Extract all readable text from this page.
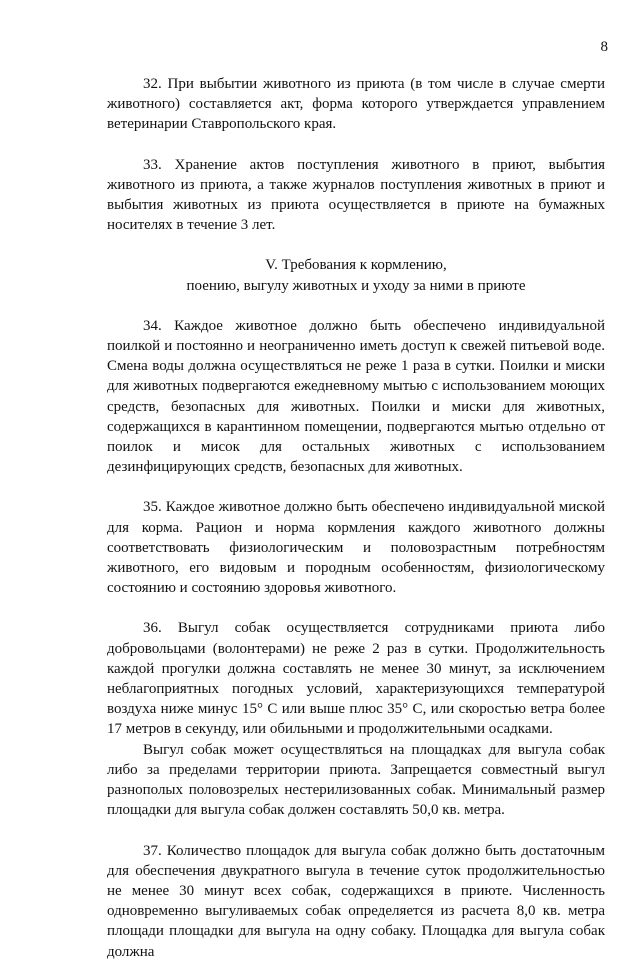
8

32. При выбытии животного из приюта (в том числе в случае смерти животного) составляется акт, форма которого утверждается управлением ветеринарии Ставропольского края.

33. Хранение актов поступления животного в приют, выбытия животного из приюта, а также журналов поступления животных в приют и выбытия животных из приюта осуществляется в приюте на бумажных носителях в течение 3 лет.

V. Требования к кормлению,
поению, выгулу животных и уходу за ними в приюте

34. Каждое животное должно быть обеспечено индивидуальной поилкой и постоянно и неограниченно иметь доступ к свежей питьевой воде. Смена воды должна осуществляться не реже 1 раза в сутки. Поилки и миски для животных подвергаются ежедневному мытью с использованием моющих средств, безопасных для животных. Поилки и миски для животных, содержащихся в карантинном помещении, подвергаются мытью отдельно от поилок и мисок для остальных животных с использованием дезинфицирующих средств, безопасных для животных.

35. Каждое животное должно быть обеспечено индивидуальной миской для корма. Рацион и норма кормления каждого животного должны соответствовать физиологическим и половозрастным потребностям животного, его видовым и породным особенностям, физиологическому состоянию и состоянию здоровья животного.

36. Выгул собак осуществляется сотрудниками приюта либо добровольцами (волонтерами) не реже 2 раз в сутки. Продолжительность каждой прогулки должна составлять не менее 30 минут, за исключением неблагоприятных погодных условий, характеризующихся температурой воздуха ниже минус 15° С или выше плюс 35° С, или скоростью ветра более 17 метров в секунду, или обильными и продолжительными осадками.

Выгул собак может осуществляться на площадках для выгула собак либо за пределами территории приюта. Запрещается совместный выгул разнополых половозрелых нестерилизованных собак. Минимальный размер площадки для выгула собак должен составлять 50,0 кв. метра.

37. Количество площадок для выгула собак должно быть достаточным для обеспечения двукратного выгула в течение суток продолжительностью не менее 30 минут всех собак, содержащихся в приюте. Численность одновременно выгуливаемых собак определяется из расчета 8,0 кв. метра площади площадки для выгула на одну собаку. Площадка для выгула собак должна
